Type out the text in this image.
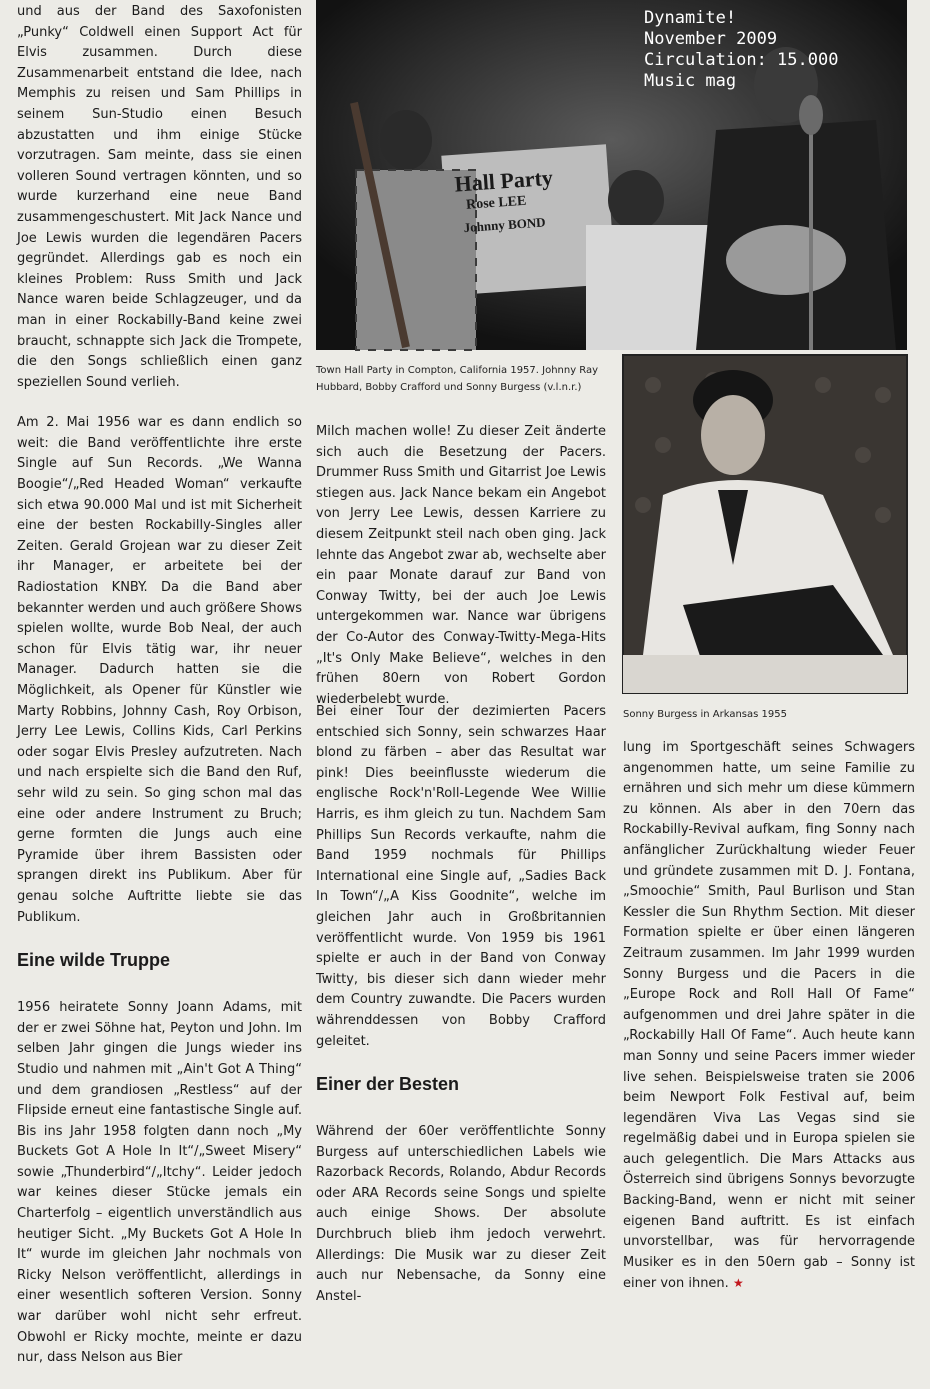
und aus der Band des Saxofonisten „Punky“ Coldwell einen Support Act für Elvis zusammen. Durch diese Zusammenarbeit entstand die Idee, nach Memphis zu reisen und Sam Phillips in seinem Sun-Studio einen Besuch abzustatten und ihm einige Stücke vorzutragen. Sam meinte, dass sie einen volleren Sound vertragen könnten, und so wurde kurzerhand eine neue Band zusammengeschustert. Mit Jack Nance und Joe Lewis wurden die legendären Pacers gegründet. Allerdings gab es noch ein kleines Problem: Russ Smith und Jack Nance waren beide Schlagzeuger, und da man in einer Rockabilly-Band keine zwei braucht, schnappte sich Jack die Trompete, die den Songs schließlich einen ganz speziellen Sound verlieh.

Am 2. Mai 1956 war es dann endlich so weit: die Band veröffentlichte ihre erste Single auf Sun Records. „We Wanna Boogie“/„Red Headed Woman“ verkaufte sich etwa 90.000 Mal und ist mit Sicherheit eine der besten Rockabilly-Singles aller Zeiten. Gerald Grojean war zu dieser Zeit ihr Manager, er arbeitete bei der Radiostation KNBY. Da die Band aber bekannter werden und auch größere Shows spielen wollte, wurde Bob Neal, der auch schon für Elvis tätig war, ihr neuer Manager. Dadurch hatten sie die Möglichkeit, als Opener für Künstler wie Marty Robbins, Johnny Cash, Roy Orbison, Jerry Lee Lewis, Collins Kids, Carl Perkins oder sogar Elvis Presley aufzutreten. Nach und nach erspielte sich die Band den Ruf, sehr wild zu sein. So ging schon mal das eine oder andere Instrument zu Bruch; gerne formten die Jungs auch eine Pyramide über ihrem Bassisten oder sprangen direkt ins Publikum. Aber für genau solche Auftritte liebte sie das Publikum.

Eine wilde Truppe

1956 heiratete Sonny Joann Adams, mit der er zwei Söhne hat, Peyton und John. Im selben Jahr gingen die Jungs wieder ins Studio und nahmen mit „Ain't Got A Thing“ und dem grandiosen „Restless“ auf der Flipside erneut eine fantastische Single auf. Bis ins Jahr 1958 folgten dann noch „My Buckets Got A Hole In It“/„Sweet Misery“ sowie „Thunderbird“/„Itchy“. Leider jedoch war keines dieser Stücke jemals ein Charterfolg – eigentlich unverständlich aus heutiger Sicht. „My Buckets Got A Hole In It“ wurde im gleichen Jahr nochmals von Ricky Nelson veröffentlicht, allerdings in einer wesentlich softeren Version. Sonny war darüber wohl nicht sehr erfreut. Obwohl er Ricky mochte, meinte er dazu nur, dass Nelson aus Bier

Hall Party
Rose LEE
Johnny BOND
Dynamite!
November 2009
Circulation: 15.000
Music mag
Town Hall Party in Compton, California 1957. Johnny Ray Hubbard, Bobby Crafford und Sonny Burgess (v.l.n.r.)

Milch machen wolle! Zu dieser Zeit änderte sich auch die Besetzung der Pacers. Drummer Russ Smith und Gitarrist Joe Lewis stiegen aus. Jack Nance bekam ein Angebot von Jerry Lee Lewis, dessen Karriere zu diesem Zeitpunkt steil nach oben ging. Jack lehnte das Angebot zwar ab, wechselte aber ein paar Monate darauf zur Band von Conway Twitty, bei der auch Joe Lewis untergekommen war. Nance war übrigens der Co-Autor des Conway-Twitty-Mega-Hits „It's Only Make Believe“, welches in den frühen 80ern von Robert Gordon wiederbelebt wurde.

Sonny Burgess in Arkansas 1955

Bei einer Tour der dezimierten Pacers entschied sich Sonny, sein schwarzes Haar blond zu färben – aber das Resultat war pink! Dies beeinflusste wiederum die englische Rock'n'Roll-Legende Wee Willie Harris, es ihm gleich zu tun. Nachdem Sam Phillips Sun Records verkaufte, nahm die Band 1959 nochmals für Phillips International eine Single auf, „Sadies Back In Town“/„A Kiss Goodnite“, welche im gleichen Jahr auch in Großbritannien veröffentlicht wurde. Von 1959 bis 1961 spielte er auch in der Band von Conway Twitty, bis dieser sich dann wieder mehr dem Country zuwandte. Die Pacers wurden währenddessen von Bobby Crafford geleitet.

Einer der Besten

Während der 60er veröffentlichte Sonny Burgess auf unterschiedlichen Labels wie Razorback Records, Rolando, Abdur Records oder ARA Records seine Songs und spielte auch einige Shows. Der absolute Durchbruch blieb ihm jedoch verwehrt. Allerdings: Die Musik war zu dieser Zeit auch nur Nebensache, da Sonny eine Anstel-

lung im Sportgeschäft seines Schwagers angenommen hatte, um seine Familie zu ernähren und sich mehr um diese kümmern zu können. Als aber in den 70ern das Rockabilly-Revival aufkam, fing Sonny nach anfänglicher Zurückhaltung wieder Feuer und gründete zusammen mit D. J. Fontana, „Smoochie“ Smith, Paul Burlison und Stan Kessler die Sun Rhythm Section. Mit dieser Formation spielte er über einen längeren Zeitraum zusammen. Im Jahr 1999 wurden Sonny Burgess und die Pacers in die „Europe Rock and Roll Hall Of Fame“ aufgenommen und drei Jahre später in die „Rockabilly Hall Of Fame“. Auch heute kann man Sonny und seine Pacers immer wieder live sehen. Beispielsweise traten sie 2006 beim Newport Folk Festival auf, beim legendären Viva Las Vegas sind sie regelmäßig dabei und in Europa spielen sie auch gelegentlich. Die Mars Attacks aus Österreich sind übrigens Sonnys bevorzugte Backing-Band, wenn er nicht mit seiner eigenen Band auftritt. Es ist einfach unvorstellbar, was für hervorragende Musiker es in den 50ern gab – Sonny ist einer von ihnen. ★
